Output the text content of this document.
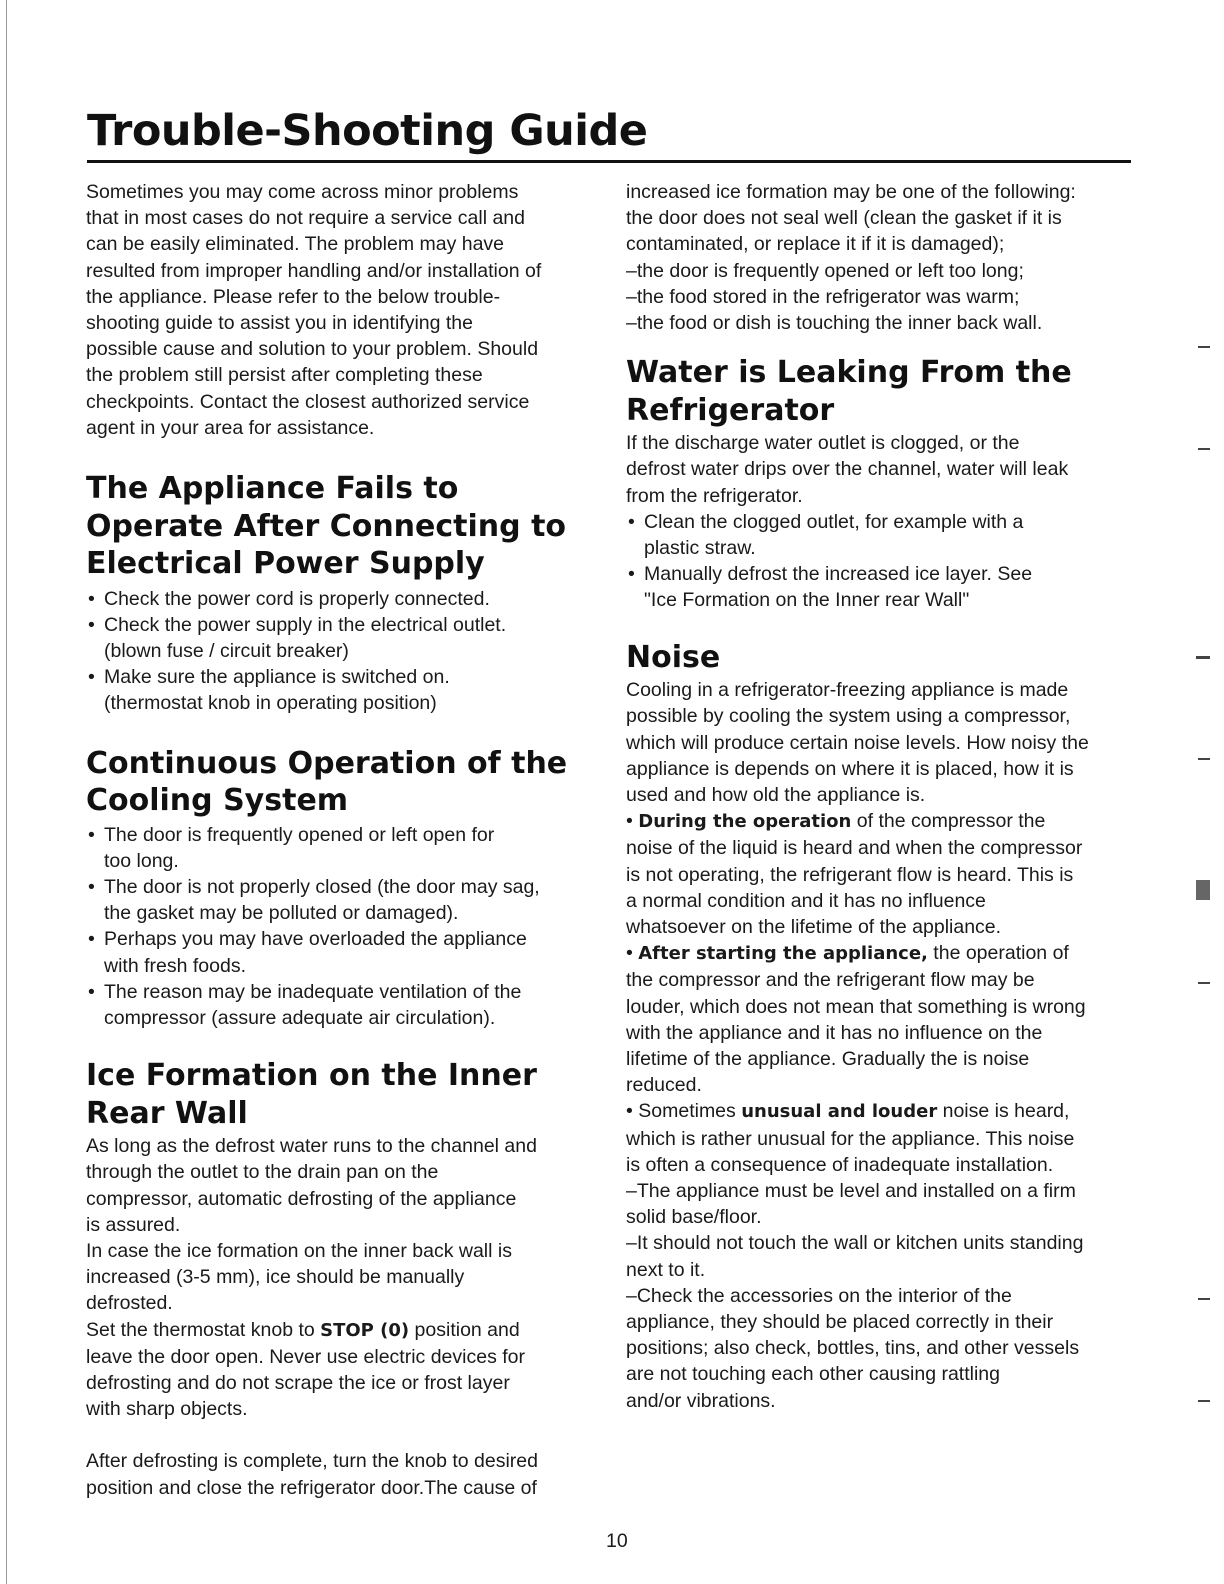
Trouble-Shooting Guide

Sometimes you may come across minor problems
that in most cases do not require a service call and
can be easily eliminated. The problem may have
resulted from improper handling and/or installation of
the appliance. Please refer to the below trouble-
shooting guide to assist you in identifying the
possible cause and solution to your problem. Should
the problem still persist after completing these
checkpoints. Contact the closest authorized service
agent in your area for assistance.

The Appliance Fails to
Operate After Connecting to
Electrical Power Supply
• Check the power cord is properly connected.
• Check the power supply in the electrical outlet.
(blown fuse / circuit breaker)
• Make sure the appliance is switched on.
(thermostat knob in operating position)
Continuous Operation of the
Cooling System
• The door is frequently opened or left open for
too long.
• The door is not properly closed (the door may sag,
the gasket may be polluted or damaged).
• Perhaps you may have overloaded the appliance
with fresh foods.
• The reason may be inadequate ventilation of the
compressor (assure adequate air circulation).
Ice Formation on the Inner
Rear Wall

As long as the defrost water runs to the channel and
through the outlet to the drain pan on the
compressor, automatic defrosting of the appliance
is assured.
In case the ice formation on the inner back wall is
increased (3-5 mm), ice should be manually
defrosted.

Set the thermostat knob to STOP (0) position and
leave the door open. Never use electric devices for
defrosting and do not scrape the ice or frost layer
with sharp objects.

After defrosting is complete, turn the knob to desired
position and close the refrigerator door.The cause of

increased ice formation may be one of the following:
the door does not seal well (clean the gasket if it is
contaminated, or replace it if it is damaged);
–the door is frequently opened or left too long;
–the food stored in the refrigerator was warm;
–the food or dish is touching the inner back wall.

Water is Leaking From the
Refrigerator

If the discharge water outlet is clogged, or the
defrost water drips over the channel, water will leak
from the refrigerator.

• Clean the clogged outlet, for example with a
plastic straw.
• Manually defrost the increased ice layer. See
"Ice Formation on the Inner rear Wall"
Noise

Cooling in a refrigerator-freezing appliance is made
possible by cooling the system using a compressor,
which will produce certain noise levels. How noisy the
appliance is depends on where it is placed, how it is
used and how old the appliance is.

• During the operation of the compressor the
noise of the liquid is heard and when the compressor
is not operating, the refrigerant flow is heard. This is
a normal condition and it has no influence
whatsoever on the lifetime of the appliance.

• After starting the appliance, the operation of
the compressor and the refrigerant flow may be
louder, which does not mean that something is wrong
with the appliance and it has no influence on the
lifetime of the appliance. Gradually the is noise
reduced.

• Sometimes unusual and louder noise is heard,
which is rather unusual for the appliance. This noise
is often a consequence of inadequate installation.
–The appliance must be level and installed on a firm
solid base/floor.
–It should not touch the wall or kitchen units standing
next to it.
–Check the accessories on the interior of the
appliance, they should be placed correctly in their
positions; also check, bottles, tins, and other vessels
are not touching each other causing rattling
and/or vibrations.

10
